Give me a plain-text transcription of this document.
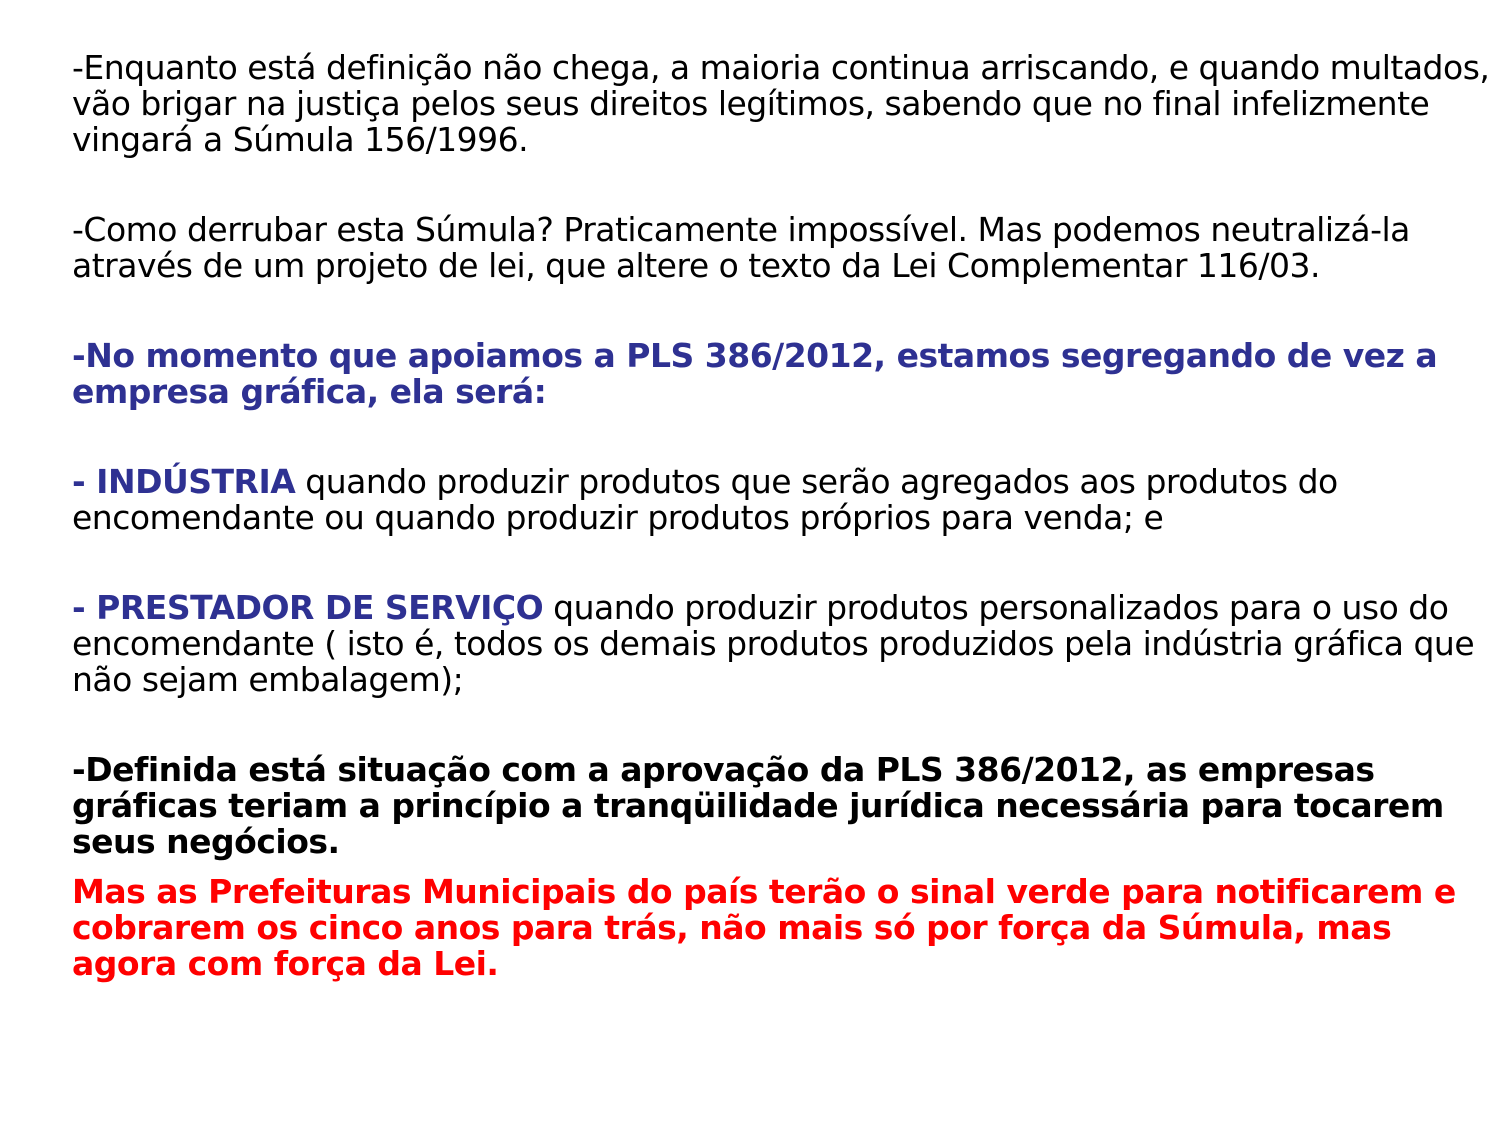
-Enquanto está definição não chega, a maioria continua arriscando, e quando multados, vão brigar na justiça pelos seus direitos legítimos, sabendo que no final infelizmente vingará a Súmula 156/1996.

-Como derrubar esta Súmula? Praticamente impossível. Mas podemos neutralizá-la através de um projeto de lei, que altere o texto da Lei Complementar 116/03.

-No momento que apoiamos a PLS 386/2012, estamos segregando de vez a empresa gráfica, ela será:

- INDÚSTRIA quando produzir produtos que serão agregados aos produtos do encomendante ou quando produzir produtos próprios para venda; e

- PRESTADOR DE SERVIÇO quando produzir produtos personalizados para o uso do encomendante ( isto é, todos os demais produtos produzidos pela indústria gráfica que não sejam embalagem);

-Definida está situação com a aprovação da PLS 386/2012, as empresas gráficas teriam a princípio a tranqüilidade jurídica necessária para tocarem seus negócios.

Mas as Prefeituras Municipais do país terão o sinal verde para notificarem e cobrarem os cinco anos para trás, não mais só por força da Súmula, mas agora com força da Lei.
